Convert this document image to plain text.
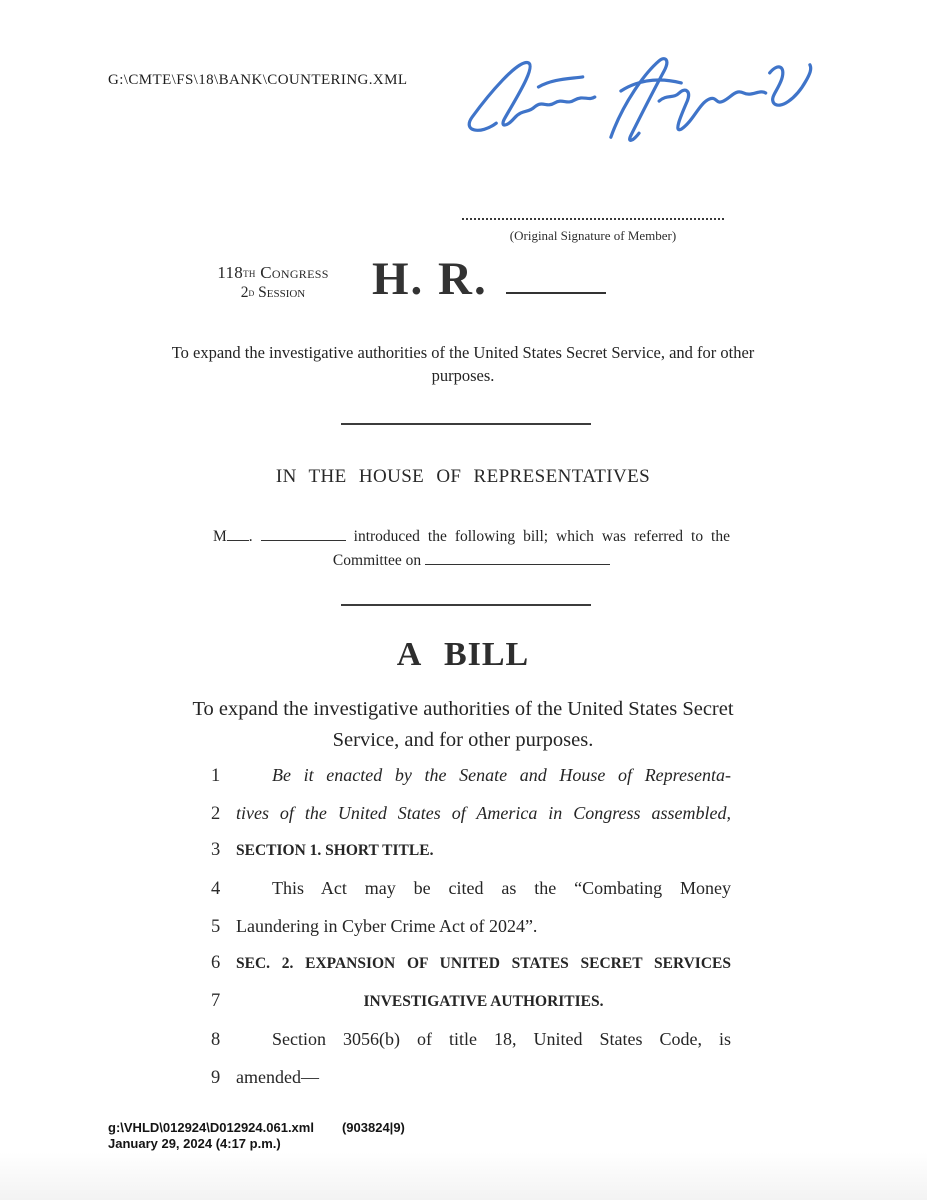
G:\CMTE\FS\18\BANK\COUNTERING.XML
(Original Signature of Member)
118th Congress
2d Session	H. R.
To expand the investigative authorities of the United States Secret Service, and for other purposes.
IN THE HOUSE OF REPRESENTATIVES
M .	introduced the following bill; which was referred to the
Committee on
A BILL
To expand the investigative authorities of the United States Secret Service, and for other purposes.
1	Be it enacted by the Senate and House of Representa-
2 tives of the United States of America in Congress assembled,
3	SECTION 1. SHORT TITLE.
4	This Act may be cited as the “Combating Money
5 Laundering in Cyber Crime Act of 2024”.
6	SEC. 2. EXPANSION OF UNITED STATES SECRET SERVICES
7	INVESTIGATIVE AUTHORITIES.
8	Section 3056(b) of title 18, United States Code, is
9 amended—
g:\VHLD\012924\D012924.061.xml (903824|9)
January 29, 2024 (4:17 p.m.)
